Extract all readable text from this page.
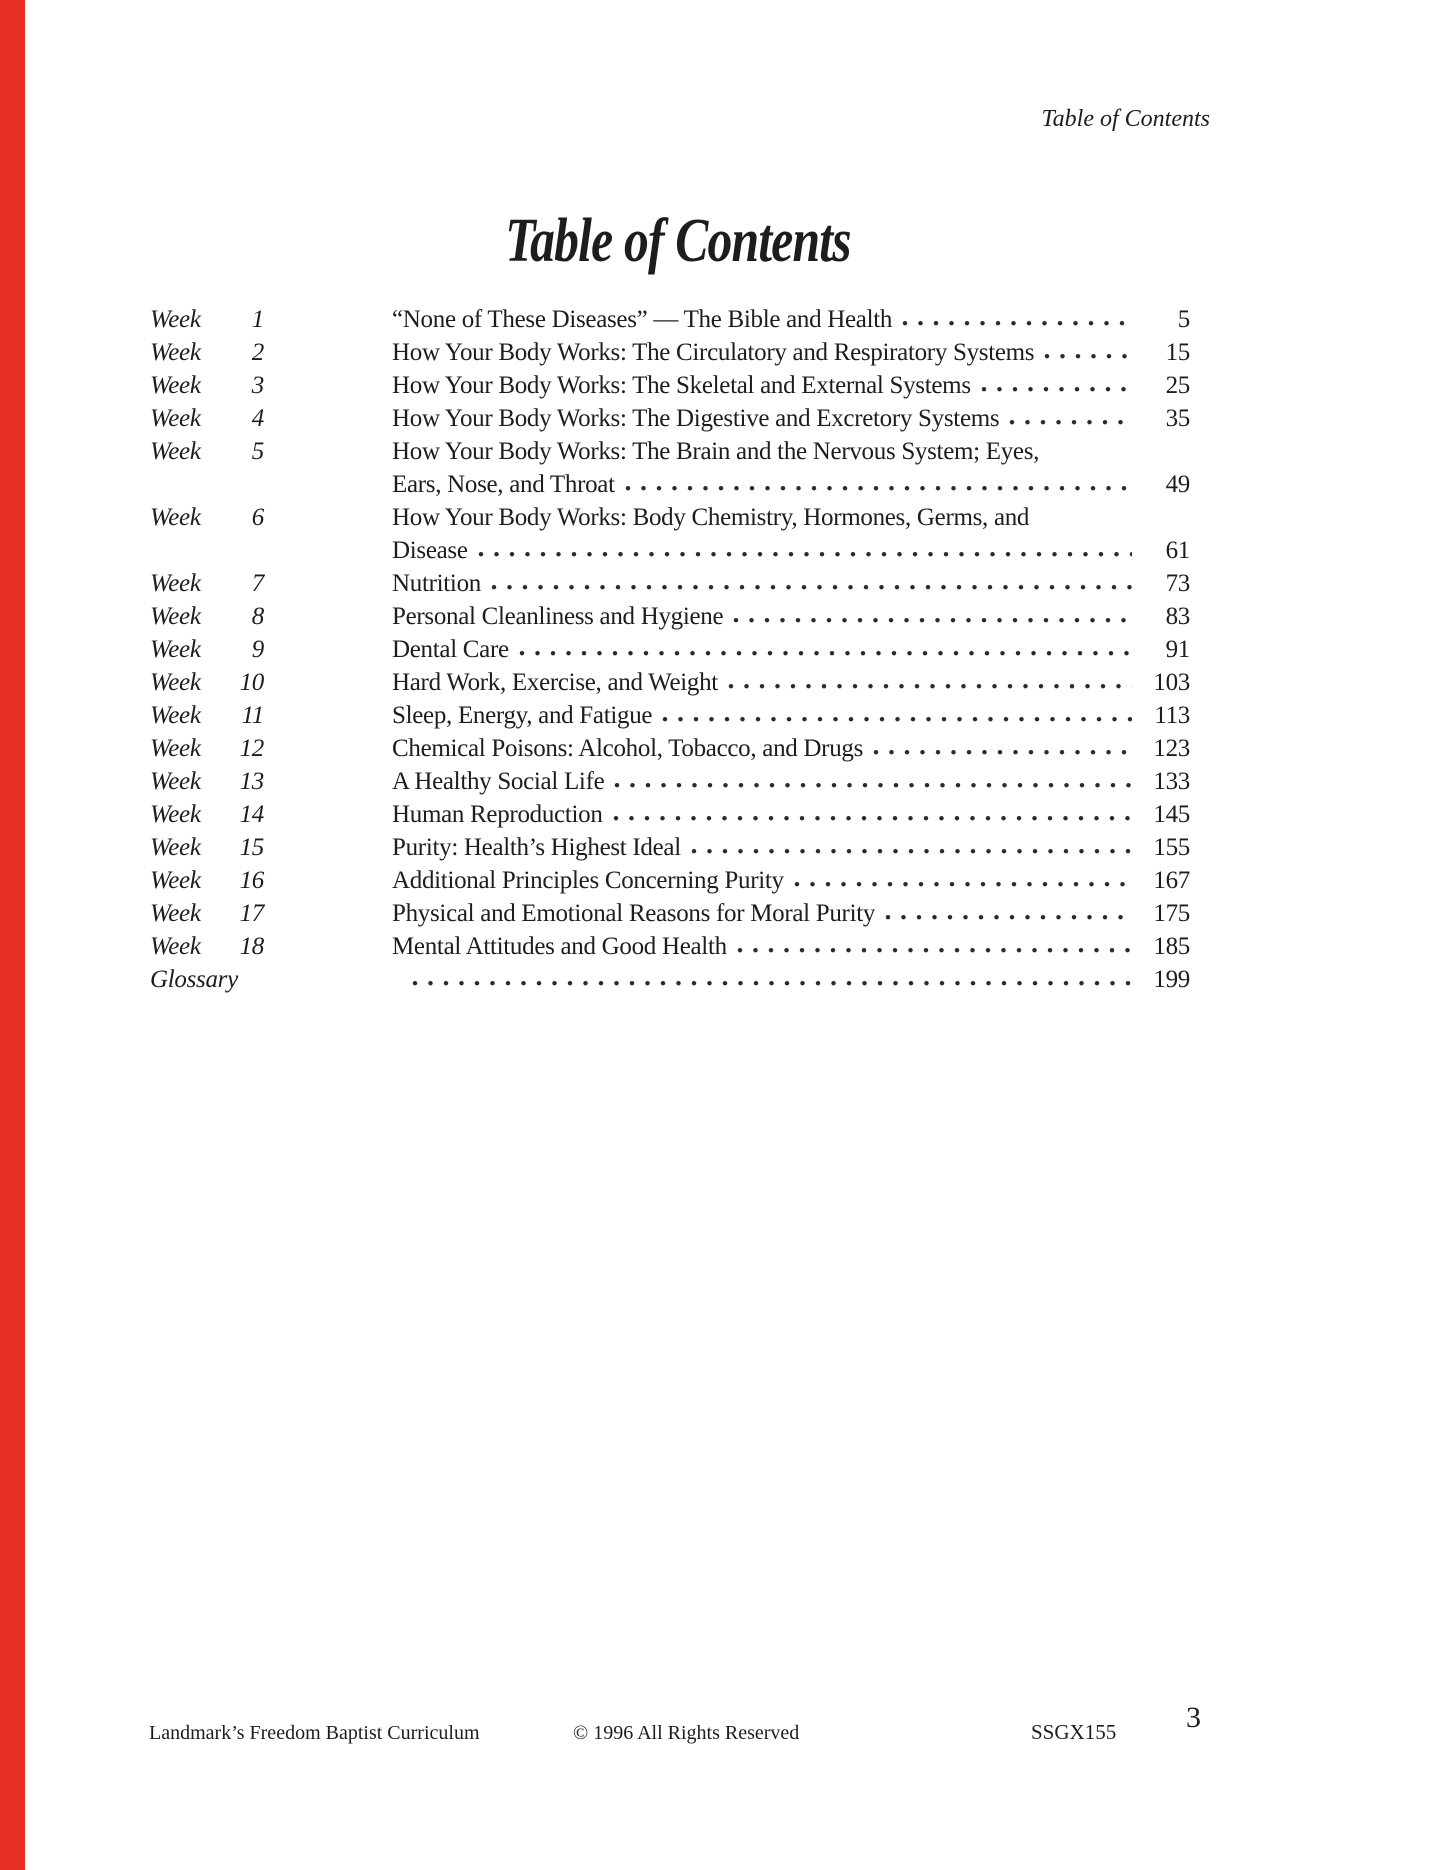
Table of Contents
Table of Contents
Week	1	“None of These Diseases” — The Bible and Health	5
Week	2	How Your Body Works: The Circulatory and Respiratory Systems	15
Week	3	How Your Body Works: The Skeletal and External Systems	25
Week	4	How Your Body Works: The Digestive and Excretory Systems	35
Week	5	How Your Body Works: The Brain and the Nervous System; Eyes,
Ears, Nose, and Throat	49
Week	6	How Your Body Works: Body Chemistry, Hormones, Germs, and
Disease	61
Week	7	Nutrition	73
Week	8	Personal Cleanliness and Hygiene	83
Week	9	Dental Care	91
Week	10	Hard Work, Exercise, and Weight	103
Week	11	Sleep, Energy, and Fatigue	113
Week	12	Chemical Poisons: Alcohol, Tobacco, and Drugs	123
Week	13	A Healthy Social Life	133
Week	14	Human Reproduction	145
Week	15	Purity: Health’s Highest Ideal	155
Week	16	Additional Principles Concerning Purity	167
Week	17	Physical and Emotional Reasons for Moral Purity	175
Week	18	Mental Attitudes and Good Health	185
Glossary	199
Landmark’s Freedom Baptist Curriculum	© 1996 All Rights Reserved	SSGX155 3
